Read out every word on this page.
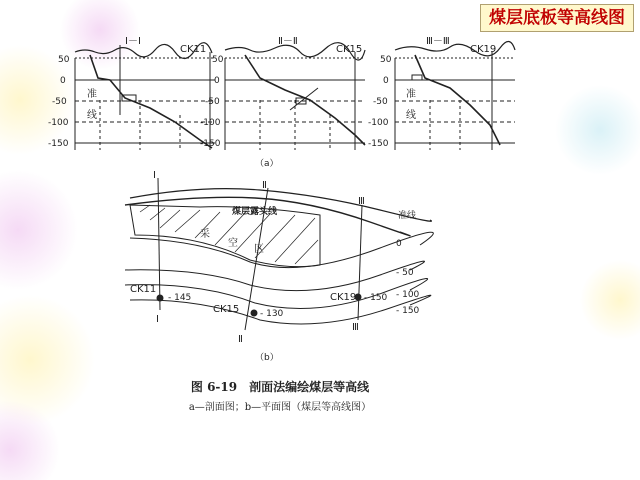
煤层底板等高线图
50
0
-50
-100
-150
50
0
-50
-100
-150
50
0
-50
-100
-150
Ⅰ－Ⅰ
CK11
准
线
Ⅱ－Ⅱ
CK15
Ⅲ－Ⅲ
CK19
准
线
（a）
煤层露头线	准线
采
空
区	0
- 50
- 100
- 150
Ⅰ
Ⅰ
Ⅱ
Ⅱ
Ⅲ
Ⅲ
CK11
- 145
CK15 - 130
CK19 - 150
（b）
图 6-19　剖面法编绘煤层等高线
a—剖面图；b—平面图（煤层等高线图）
